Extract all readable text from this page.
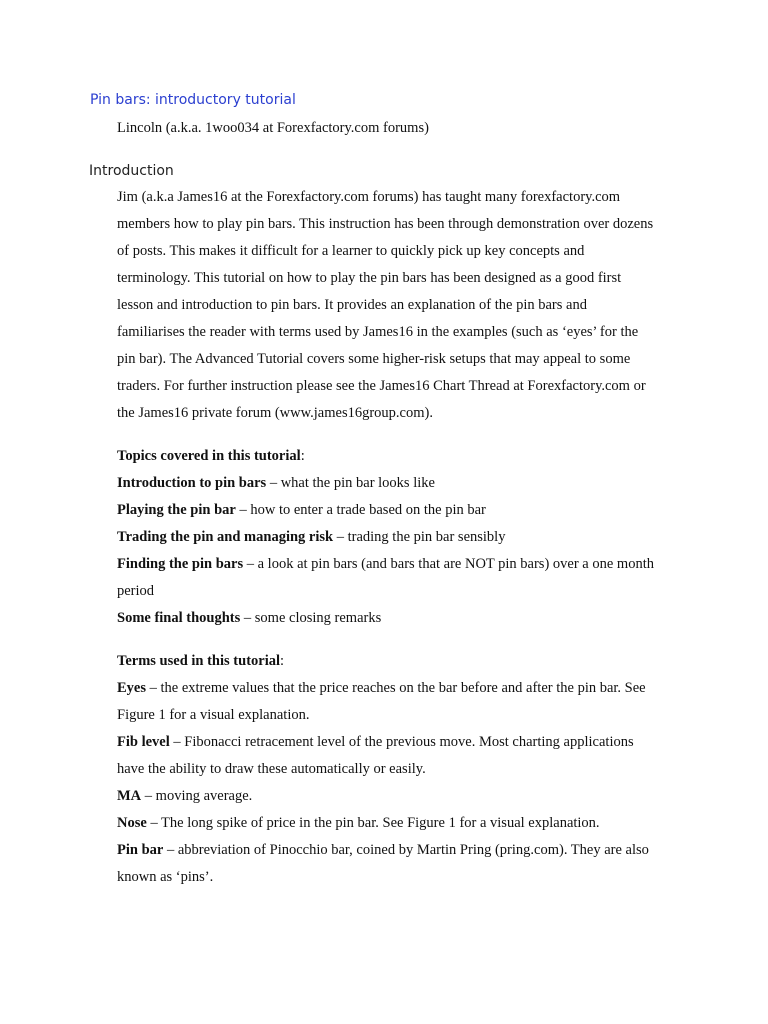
Pin bars: introductory tutorial
Lincoln (a.k.a. 1woo034 at Forexfactory.com forums)
Introduction
Jim (a.k.a James16 at the Forexfactory.com forums) has taught many forexfactory.com
members how to play pin bars. This instruction has been through demonstration over dozens
of posts. This makes it difficult for a learner to quickly pick up key concepts and
terminology. This tutorial on how to play the pin bars has been designed as a good first
lesson and introduction to pin bars. It provides an explanation of the pin bars and
familiarises the reader with terms used by James16 in the examples (such as ‘eyes’ for the
pin bar). The Advanced Tutorial covers some higher-risk setups that may appeal to some
traders. For further instruction please see the James16 Chart Thread at Forexfactory.com or
the James16 private forum (www.james16group.com).
Topics covered in this tutorial:
Introduction to pin bars – what the pin bar looks like
Playing the pin bar – how to enter a trade based on the pin bar
Trading the pin and managing risk – trading the pin bar sensibly
Finding the pin bars – a look at pin bars (and bars that are NOT pin bars) over a one month
period
Some final thoughts – some closing remarks
Terms used in this tutorial:
Eyes – the extreme values that the price reaches on the bar before and after the pin bar. See
Figure 1 for a visual explanation.
Fib level – Fibonacci retracement level of the previous move. Most charting applications
have the ability to draw these automatically or easily.
MA – moving average.
Nose – The long spike of price in the pin bar. See Figure 1 for a visual explanation.
Pin bar – abbreviation of Pinocchio bar, coined by Martin Pring (pring.com). They are also
known as ‘pins’.
